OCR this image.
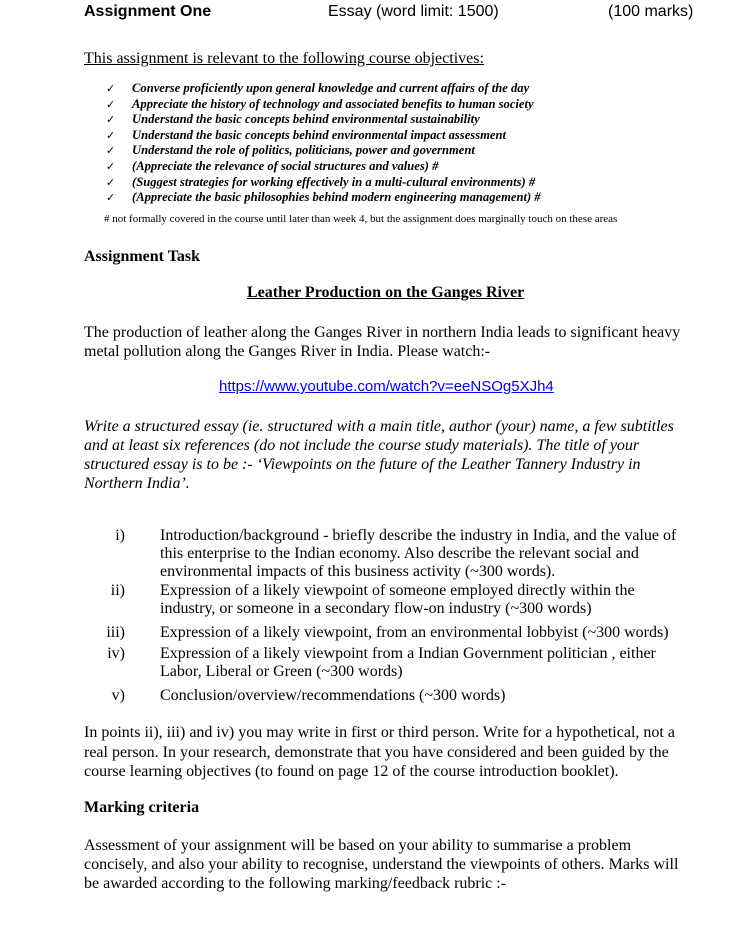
Assignment One	Essay (word limit: 1500)	(100 marks)
This assignment is relevant to the following course objectives:
✓ Converse proficiently upon general knowledge and current affairs of the day
✓ Appreciate the history of technology and associated benefits to human society
✓ Understand the basic concepts behind environmental sustainability
✓ Understand the basic concepts behind environmental impact assessment
✓ Understand the role of politics, politicians, power and government
✓ (Appreciate the relevance of social structures and values) #
✓ (Suggest strategies for working effectively in a multi-cultural environments) #
✓ (Appreciate the basic philosophies behind modern engineering management) #
# not formally covered in the course until later than week 4, but the assignment does marginally touch on these areas
Assignment Task
Leather Production on the Ganges River
The production of leather along the Ganges River in northern India leads to significant heavy metal pollution along the Ganges River in India. Please watch:-
https://www.youtube.com/watch?v=eeNSOg5XJh4
Write a structured essay (ie. structured with a main title, author (your) name, a few subtitles and at least six references (do not include the course study materials). The title of your structured essay is to be :- ‘Viewpoints on the future of the Leather Tannery Industry in Northern India’.
i) Introduction/background - briefly describe the industry in India, and the value of this enterprise to the Indian economy. Also describe the relevant social and environmental impacts of this business activity (~300 words).
ii) Expression of a likely viewpoint of someone employed directly within the industry, or someone in a secondary flow-on industry (~300 words)
iii) Expression of a likely viewpoint, from an environmental lobbyist (~300 words)
iv) Expression of a likely viewpoint from a Indian Government politician , either Labor, Liberal or Green (~300 words)
v) Conclusion/overview/recommendations (~300 words)
In points ii), iii) and iv) you may write in first or third person. Write for a hypothetical, not a real person. In your research, demonstrate that you have considered and been guided by the course learning objectives (to found on page 12 of the course introduction booklet).
Marking criteria
Assessment of your assignment will be based on your ability to summarise a problem concisely, and also your ability to recognise, understand the viewpoints of others. Marks will be awarded according to the following marking/feedback rubric :-
